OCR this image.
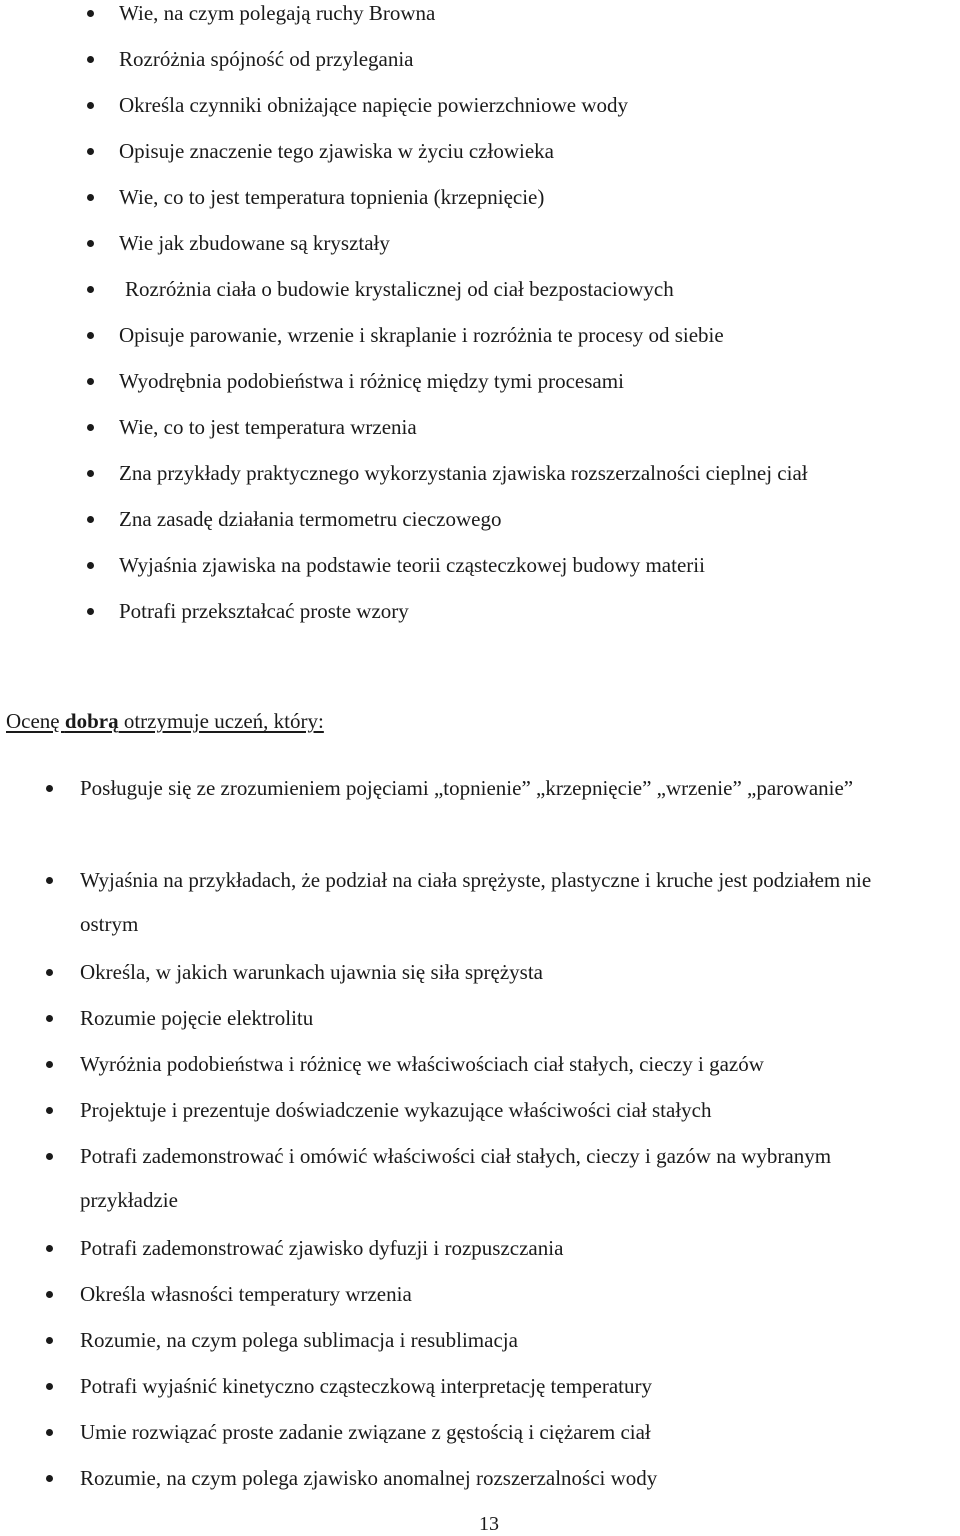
Wie, na czym polegają ruchy Browna
Rozróżnia spójność od przylegania
Określa czynniki obniżające napięcie powierzchniowe wody
Opisuje znaczenie tego zjawiska w życiu człowieka
Wie, co to jest temperatura topnienia (krzepnięcie)
Wie jak zbudowane są kryształy
Rozróżnia ciała o budowie krystalicznej od ciał bezpostaciowych
Opisuje parowanie, wrzenie i skraplanie i rozróżnia te procesy od siebie
Wyodrębnia podobieństwa i różnicę między tymi procesami
Wie, co to jest temperatura wrzenia
Zna przykłady praktycznego wykorzystania zjawiska rozszerzalności cieplnej ciał
Zna zasadę działania termometru cieczowego
Wyjaśnia zjawiska na podstawie teorii cząsteczkowej budowy materii
Potrafi przekształcać proste wzory
Ocenę dobrą otrzymuje uczeń, który:
Posługuje się ze zrozumieniem pojęciami „topnienie” „krzepnięcie” „wrzenie” „parowanie”
Wyjaśnia na przykładach, że podział na ciała sprężyste, plastyczne i kruche jest podziałem nie ostrym
Określa, w jakich warunkach ujawnia się siła sprężysta
Rozumie pojęcie elektrolitu
Wyróżnia podobieństwa i różnicę we właściwościach ciał stałych, cieczy i gazów
Projektuje i prezentuje doświadczenie wykazujące właściwości ciał stałych
Potrafi zademonstrować i omówić właściwości ciał stałych, cieczy i gazów na wybranym przykładzie
Potrafi zademonstrować zjawisko dyfuzji i rozpuszczania
Określa własności temperatury wrzenia
Rozumie, na czym polega sublimacja i resublimacja
Potrafi wyjaśnić kinetyczno cząsteczkową interpretację temperatury
Umie rozwiązać proste zadanie związane z gęstością i ciężarem ciał
Rozumie, na czym polega zjawisko anomalnej rozszerzalności wody
13
